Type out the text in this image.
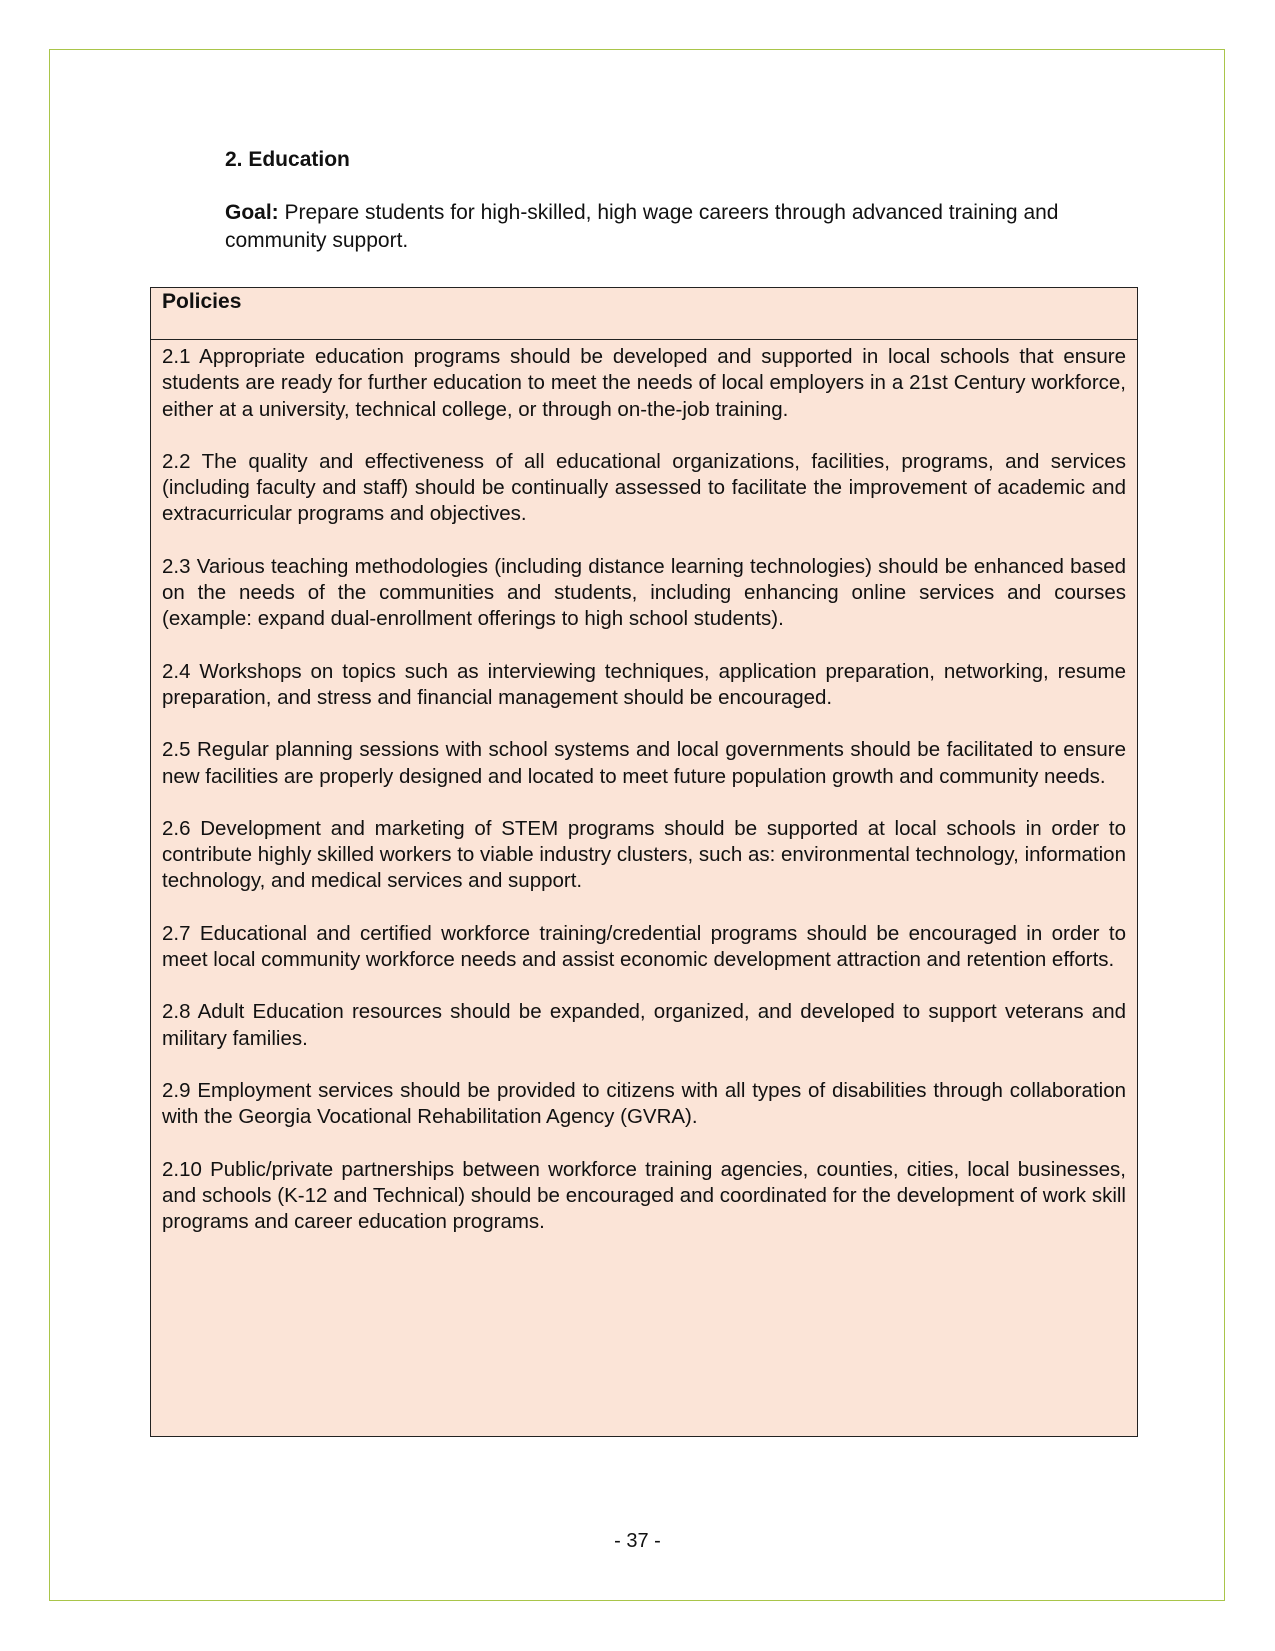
2. Education

Goal: Prepare students for high-skilled, high wage careers through advanced training and community support.

Policies

2.1 Appropriate education programs should be developed and supported in local schools that ensure students are ready for further education to meet the needs of local employers in a 21st Century workforce, either at a university, technical college, or through on-the-job training.

2.2 The quality and effectiveness of all educational organizations, facilities, programs, and services (including faculty and staff) should be continually assessed to facilitate the improvement of academic and extracurricular programs and objectives.

2.3 Various teaching methodologies (including distance learning technologies) should be enhanced based on the needs of the communities and students, including enhancing online services and courses (example: expand dual-enrollment offerings to high school students).

2.4 Workshops on topics such as interviewing techniques, application preparation, networking, resume preparation, and stress and financial management should be encouraged.

2.5 Regular planning sessions with school systems and local governments should be facilitated to ensure new facilities are properly designed and located to meet future population growth and community needs.

2.6 Development and marketing of STEM programs should be supported at local schools in order to contribute highly skilled workers to viable industry clusters, such as: environmental technology, information technology, and medical services and support.

2.7 Educational and certified workforce training/credential programs should be encouraged in order to meet local community workforce needs and assist economic development attraction and retention efforts.

2.8 Adult Education resources should be expanded, organized, and developed to support veterans and military families.

2.9 Employment services should be provided to citizens with all types of disabilities through collaboration with the Georgia Vocational Rehabilitation Agency (GVRA).

2.10 Public/private partnerships between workforce training agencies, counties, cities, local businesses, and schools (K-12 and Technical) should be encouraged and coordinated for the development of work skill programs and career education programs.

- 37 -
